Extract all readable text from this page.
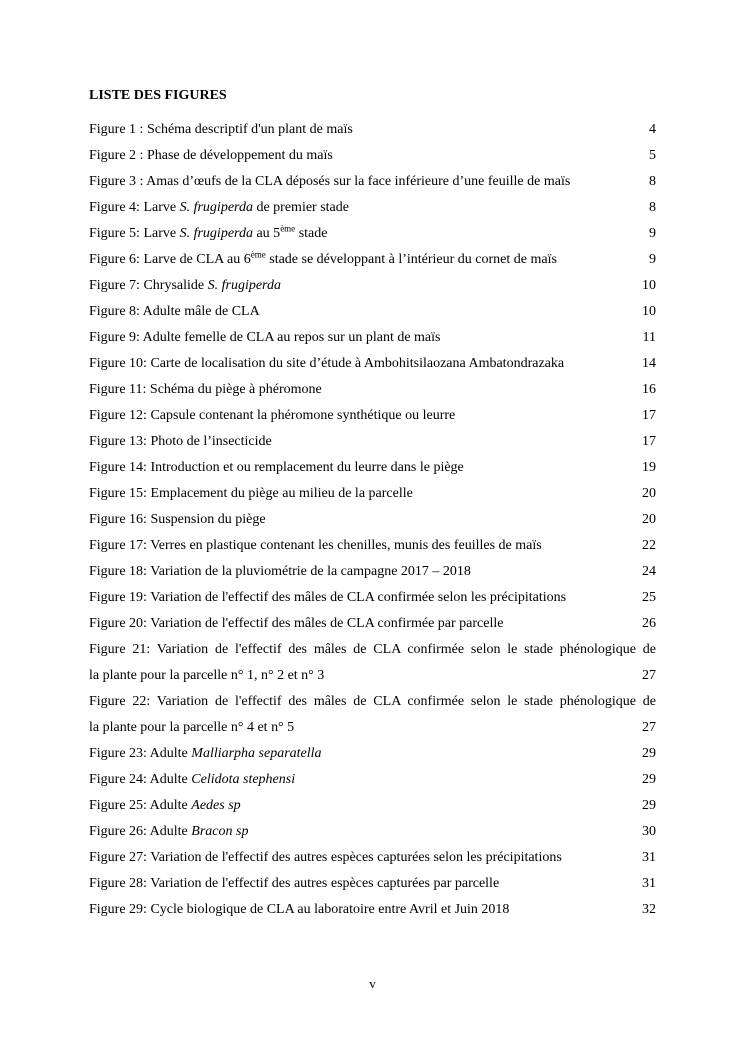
LISTE DES FIGURES
Figure 1 : Schéma descriptif d'un plant de maïs	4
Figure 2 : Phase de développement du maïs	5
Figure 3 : Amas d’œufs de la CLA déposés sur la face inférieure d’une feuille de maïs	8
Figure 4: Larve S. frugiperda de premier stade	8
Figure 5: Larve S. frugiperda au 5ème stade	9
Figure 6: Larve de CLA au 6ème stade se développant à l’intérieur du cornet de maïs	9
Figure 7: Chrysalide S. frugiperda	10
Figure 8: Adulte mâle de CLA	10
Figure 9: Adulte femelle de CLA au repos sur un plant de maïs	11
Figure 10: Carte de localisation du site d’étude à Ambohitsilaozana Ambatondrazaka	14
Figure 11: Schéma du piège à phéromone	16
Figure 12: Capsule contenant la phéromone synthétique ou leurre	17
Figure 13: Photo de l’insecticide	17
Figure 14: Introduction et ou remplacement du leurre dans le piège	19
Figure 15: Emplacement du piège au milieu de la parcelle	20
Figure 16: Suspension du piège	20
Figure 17: Verres en plastique contenant les chenilles, munis des feuilles de maïs	22
Figure 18: Variation de la pluviométrie de la campagne 2017 – 2018	24
Figure 19: Variation de l'effectif des mâles de CLA confirmée selon les précipitations	25
Figure 20: Variation de l'effectif des mâles de CLA confirmée par parcelle	26
Figure 21: Variation de l'effectif des mâles de CLA confirmée selon le stade phénologique de
la plante pour la parcelle n° 1, n° 2 et n° 3	27
Figure 22: Variation de l'effectif des mâles de CLA confirmée selon le stade phénologique de
la plante pour la parcelle n° 4 et n° 5	27
Figure 23: Adulte Malliarpha separatella	29
Figure 24: Adulte Celidota stephensi	29
Figure 25: Adulte Aedes sp	29
Figure 26: Adulte Bracon sp	30
Figure 27: Variation de l'effectif des autres espèces capturées selon les précipitations	31
Figure 28: Variation de l'effectif des autres espèces capturées par parcelle	31
Figure 29: Cycle biologique de CLA au laboratoire entre Avril et Juin 2018	32

v
